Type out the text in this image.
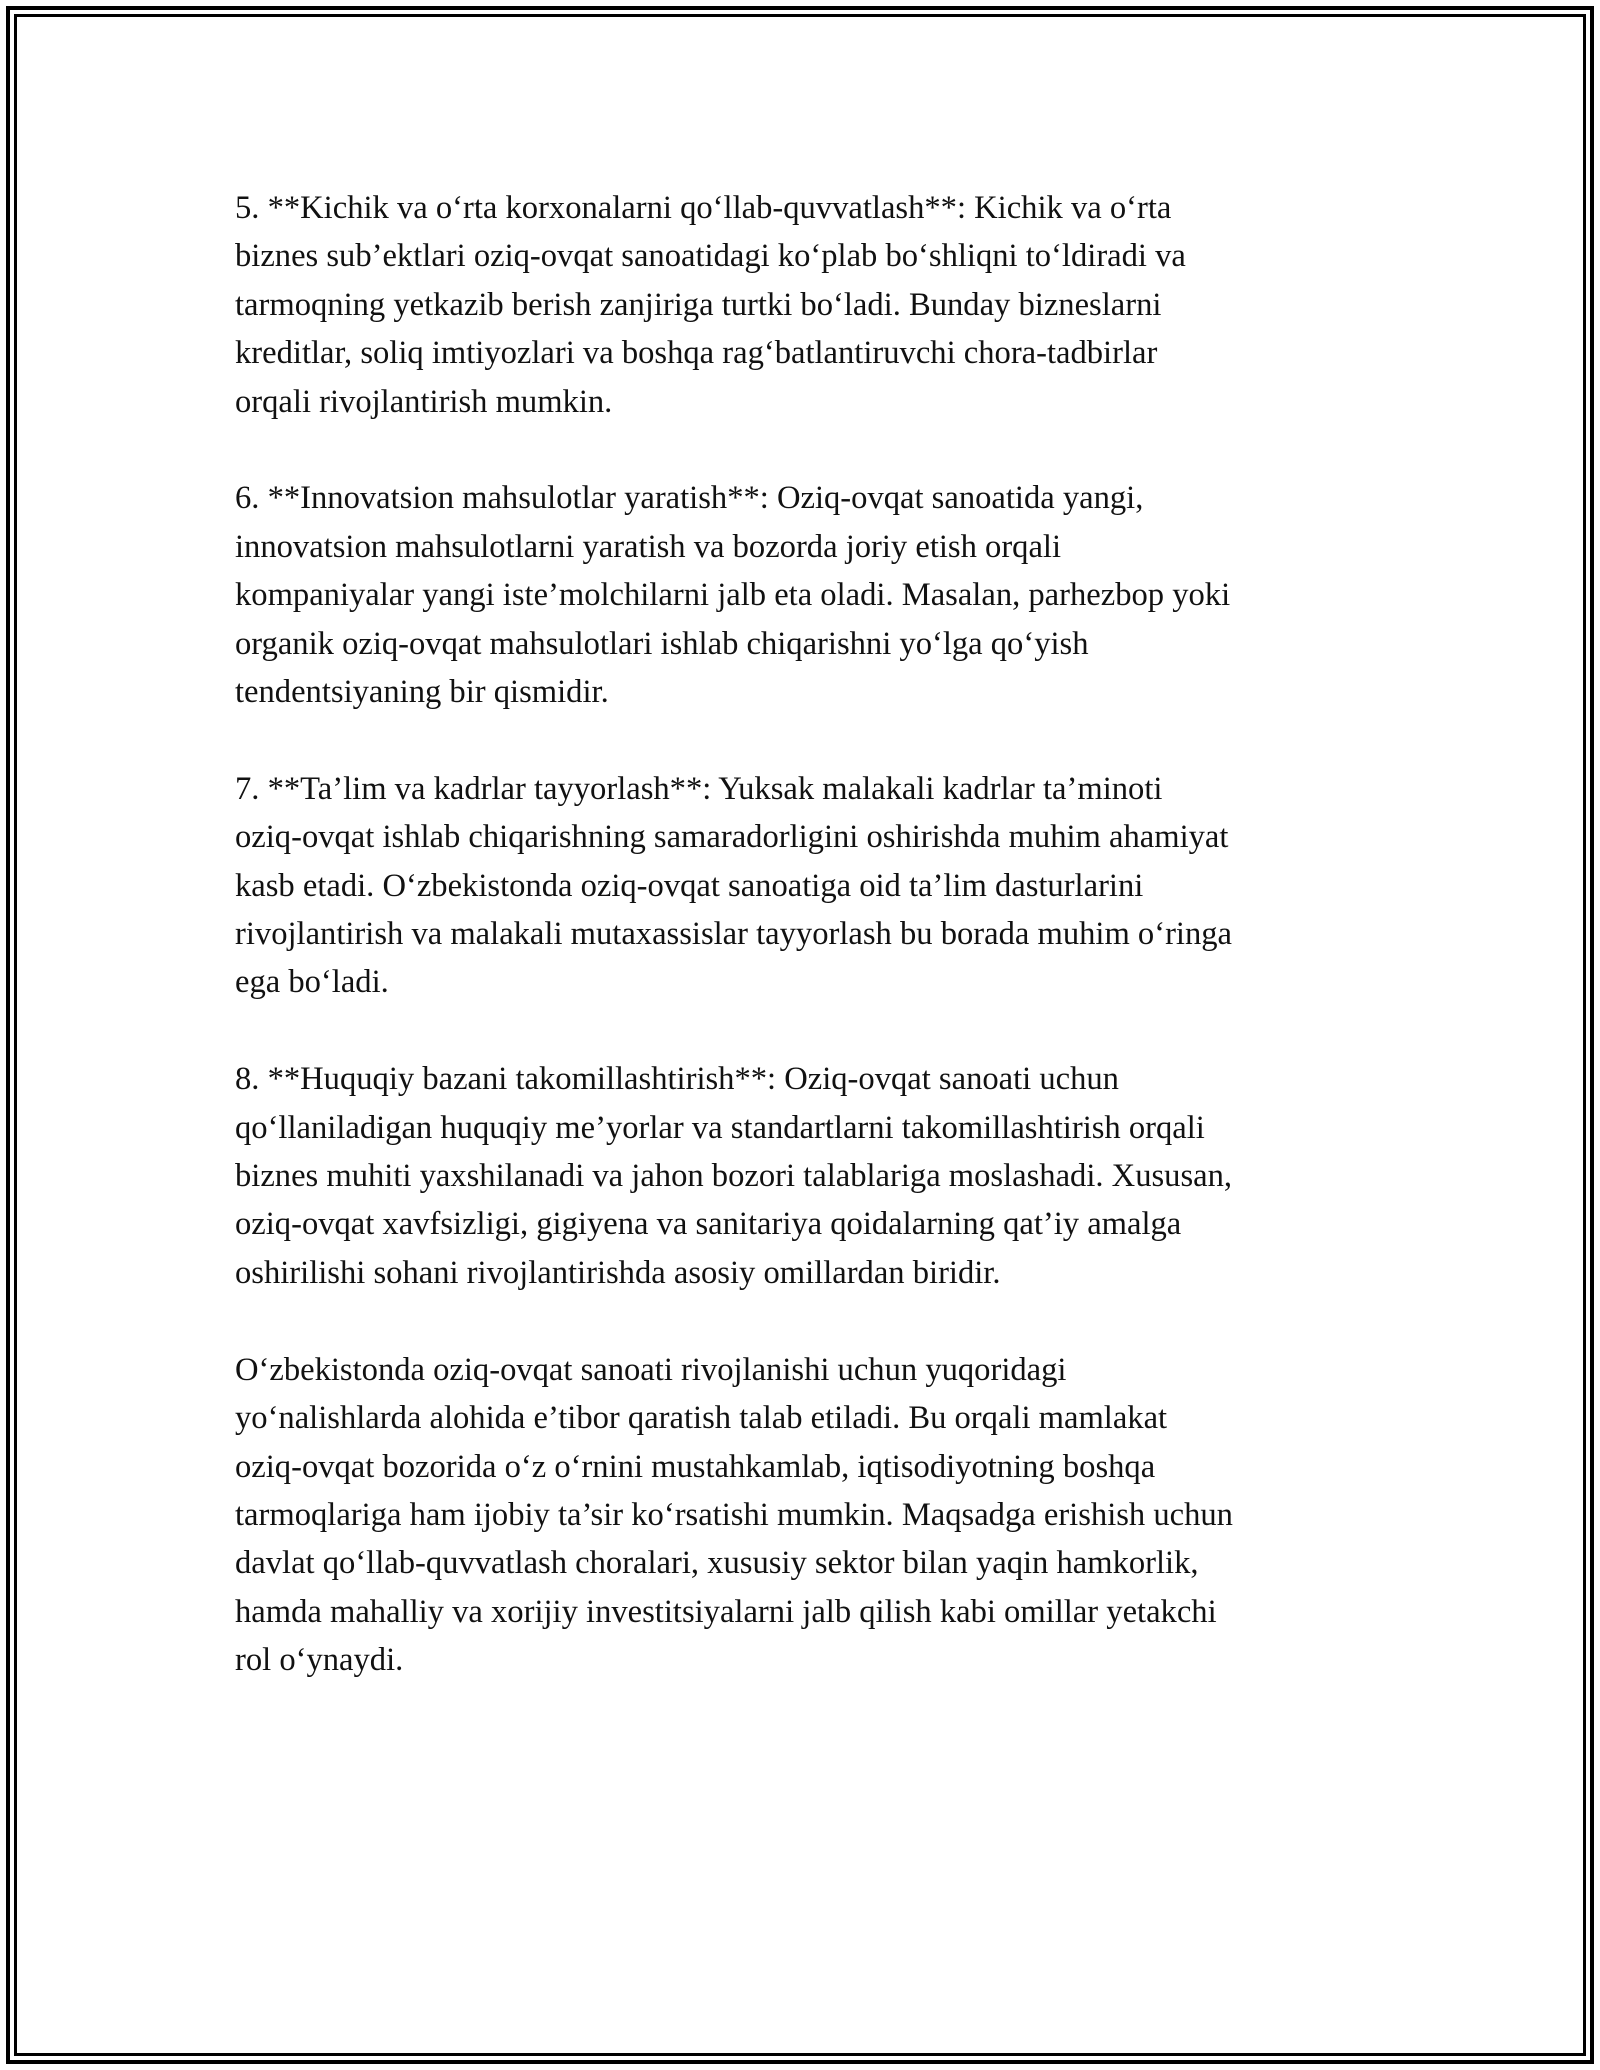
5. **Kichik va o‘rta korxonalarni qo‘llab-quvvatlash**: Kichik va o‘rta
biznes sub’ektlari oziq-ovqat sanoatidagi ko‘plab bo‘shliqni to‘ldiradi va
tarmoqning yetkazib berish zanjiriga turtki bo‘ladi. Bunday bizneslarni
kreditlar, soliq imtiyozlari va boshqa rag‘batlantiruvchi chora-tadbirlar
orqali rivojlantirish mumkin.

6. **Innovatsion mahsulotlar yaratish**: Oziq-ovqat sanoatida yangi,
innovatsion mahsulotlarni yaratish va bozorda joriy etish orqali
kompaniyalar yangi iste’molchilarni jalb eta oladi. Masalan, parhezbop yoki
organik oziq-ovqat mahsulotlari ishlab chiqarishni yo‘lga qo‘yish
tendentsiyaning bir qismidir.

7. **Ta’lim va kadrlar tayyorlash**: Yuksak malakali kadrlar ta’minoti
oziq-ovqat ishlab chiqarishning samaradorligini oshirishda muhim ahamiyat
kasb etadi. O‘zbekistonda oziq-ovqat sanoatiga oid ta’lim dasturlarini
rivojlantirish va malakali mutaxassislar tayyorlash bu borada muhim o‘ringa
ega bo‘ladi.

8. **Huquqiy bazani takomillashtirish**: Oziq-ovqat sanoati uchun
qo‘llaniladigan huquqiy me’yorlar va standartlarni takomillashtirish orqali
biznes muhiti yaxshilanadi va jahon bozori talablariga moslashadi. Xususan,
oziq-ovqat xavfsizligi, gigiyena va sanitariya qoidalarning qat’iy amalga
oshirilishi sohani rivojlantirishda asosiy omillardan biridir.

O‘zbekistonda oziq-ovqat sanoati rivojlanishi uchun yuqoridagi
yo‘nalishlarda alohida e’tibor qaratish talab etiladi. Bu orqali mamlakat
oziq-ovqat bozorida o‘z o‘rnini mustahkamlab, iqtisodiyotning boshqa
tarmoqlariga ham ijobiy ta’sir ko‘rsatishi mumkin. Maqsadga erishish uchun
davlat qo‘llab-quvvatlash choralari, xususiy sektor bilan yaqin hamkorlik,
hamda mahalliy va xorijiy investitsiyalarni jalb qilish kabi omillar yetakchi
rol o‘ynaydi.
